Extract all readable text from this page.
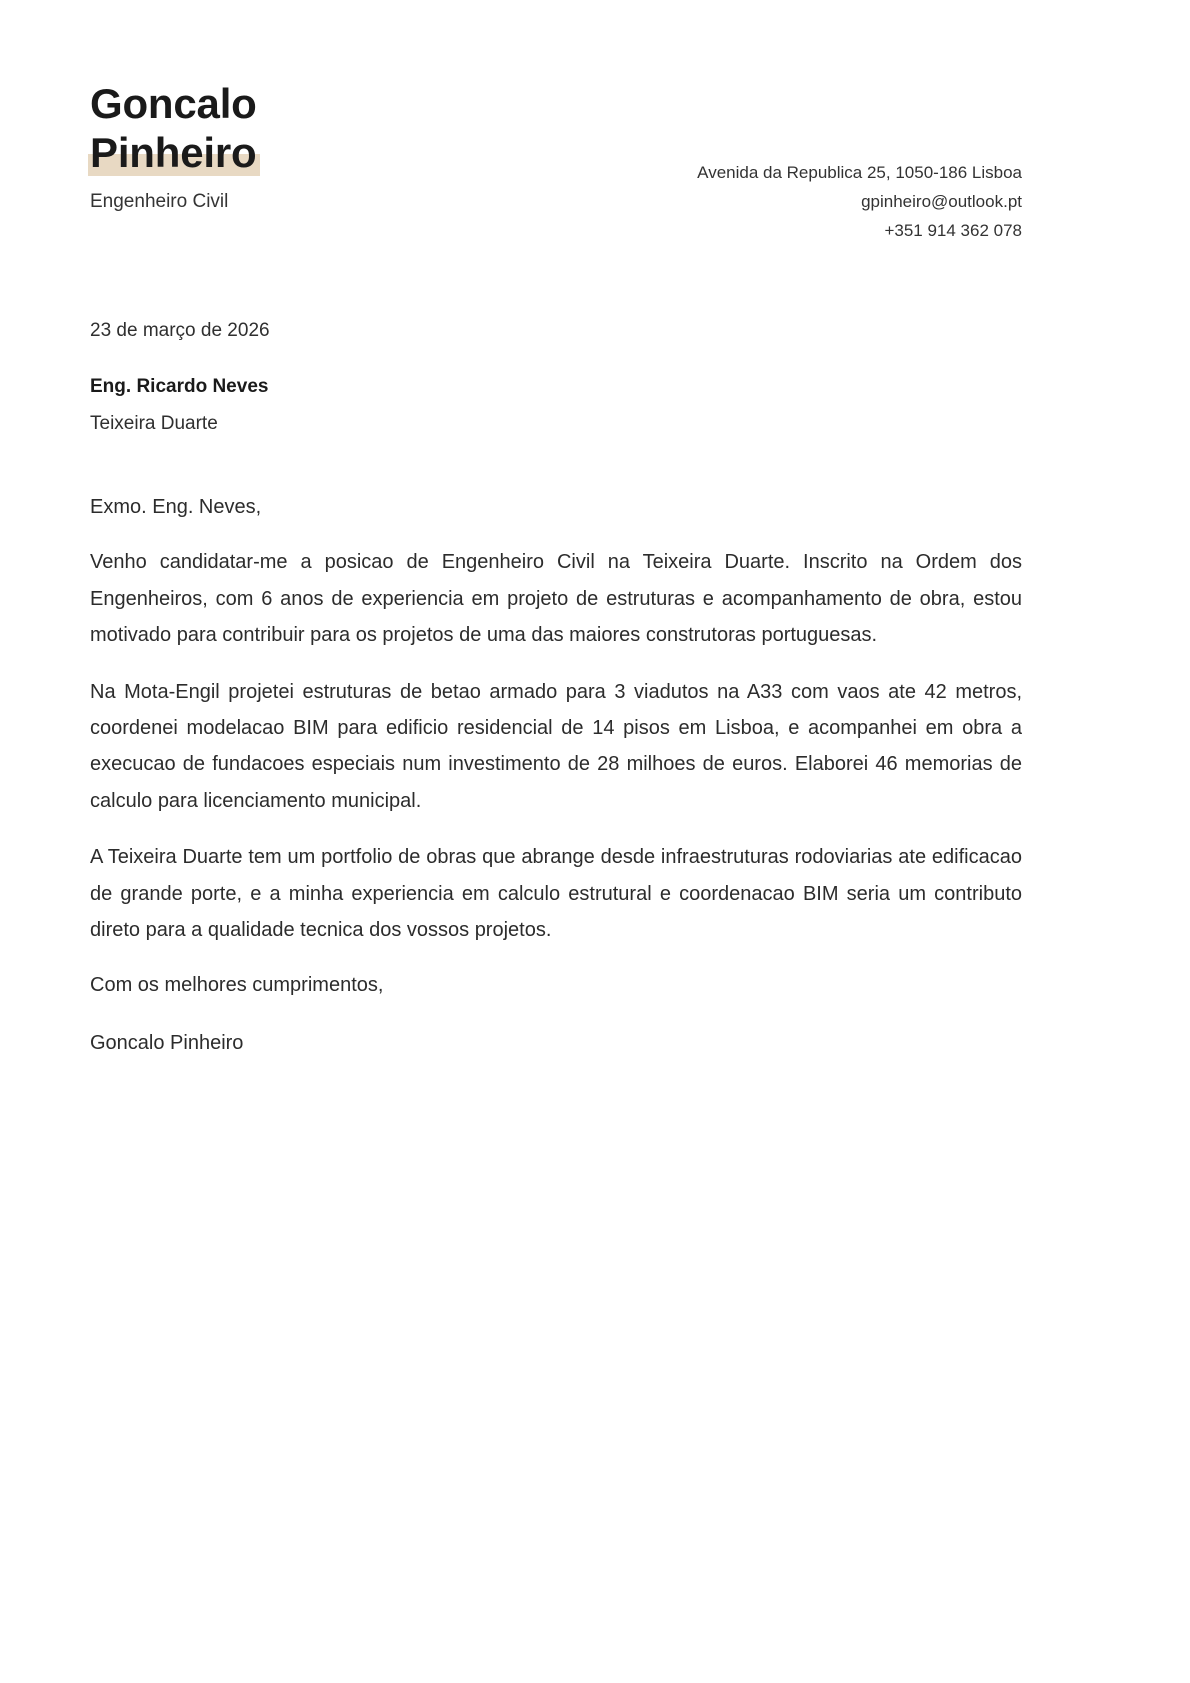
Goncalo
Pinheiro
Engenheiro Civil
Avenida da Republica 25, 1050-186 Lisboa
gpinheiro@outlook.pt
+351 914 362 078
23 de março de 2026
Eng. Ricardo Neves
Teixeira Duarte
Exmo. Eng. Neves,

Venho candidatar-me a posicao de Engenheiro Civil na Teixeira Duarte. Inscrito na Ordem dos Engenheiros, com 6 anos de experiencia em projeto de estruturas e acompanhamento de obra, estou motivado para contribuir para os projetos de uma das maiores construtoras portuguesas.

Na Mota-Engil projetei estruturas de betao armado para 3 viadutos na A33 com vaos ate 42 metros, coordenei modelacao BIM para edificio residencial de 14 pisos em Lisboa, e acompanhei em obra a execucao de fundacoes especiais num investimento de 28 milhoes de euros. Elaborei 46 memorias de calculo para licenciamento municipal.

A Teixeira Duarte tem um portfolio de obras que abrange desde infraestruturas rodoviarias ate edificacao de grande porte, e a minha experiencia em calculo estrutural e coordenacao BIM seria um contributo direto para a qualidade tecnica dos vossos projetos.

Com os melhores cumprimentos,
Goncalo Pinheiro
